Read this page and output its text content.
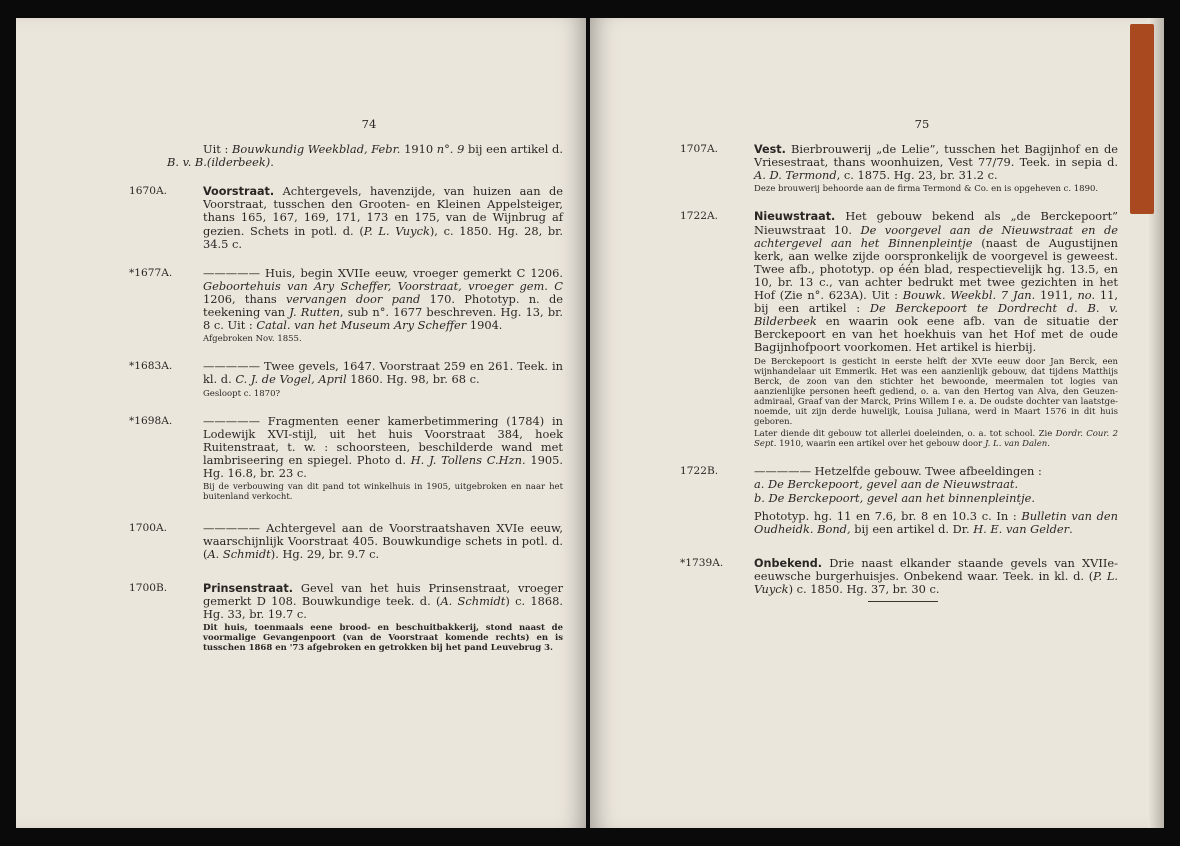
74

Uit : Bouwkundig Weekblad, Febr. 1910 n°. 9 bij een artikel d. B. v. B.(ilderbeek).

1670A.	Voorstraat. Achtergevels, havenzijde, van huizen aan de Voorstraat, tusschen den Grooten- en Kleinen Appelsteiger, thans 165, 167, 169, 171, 173 en 175, van de Wijnbrug af gezien. Schets in potl. d. (P. L. Vuyck), c. 1850. Hg. 28, br. 34.5 c.
*1677A.	————— Huis, begin XVIIe eeuw, vroeger gemerkt C 1206. Geboortehuis van Ary Scheffer, Voorstraat, vroeger gem. C 1206, thans vervangen door pand 170. Phototyp. n. de teekening van J. Rutten, sub n°. 1677 beschreven. Hg. 13, br. 8 c. Uit : Catal. van het Museum Ary Scheffer 1904.
Afgebroken Nov. 1855.
*1683A.	————— Twee gevels, 1647. Voorstraat 259 en 261. Teek. in kl. d. C. J. de Vogel, April 1860. Hg. 98, br. 68 c.
Gesloopt c. 1870?
*1698A.	————— Fragmenten eener kamerbetimmering (1784) in Lodewijk XVI-stijl, uit het huis Voorstraat 384, hoek Ruitenstraat, t. w. : schoorsteen, beschilderde wand met lambriseering en spiegel. Photo d. H. J. Tollens C.Hzn. 1905. Hg. 16.8, br. 23 c.
Bij de verbouwing van dit pand tot winkelhuis in 1905, uitgebroken en naar het buitenland verkocht.
1700A.	————— Achtergevel aan de Voorstraatshaven XVIe eeuw, waarschijnlijk Voorstraat 405. Bouwkundige schets in potl. d. (A. Schmidt). Hg. 29, br. 9.7 c.
1700B.	Prinsenstraat. Gevel van het huis Prinsenstraat, vroeger gemerkt D 108. Bouwkundige teek. d. (A. Schmidt) c. 1868. Hg. 33, br. 19.7 c.
Dit huis, toenmaals eene brood- en beschuitbakkerij, stond naast de voormalige Gevangenpoort (van de Voorstraat komende rechts) en is tusschen 1868 en '73 afgebroken en getrokken bij het pand Leuvebrug 3.
75
1707A.	Vest. Bierbrouwerij „de Lelie”, tusschen het Bagijnhof en de Vriesestraat, thans woonhuizen, Vest 77/79. Teek. in sepia d. A. D. Termond, c. 1875. Hg. 23, br. 31.2 c.
Deze brouwerij behoorde aan de firma Termond & Co. en is opgeheven c. 1890.
1722A.	Nieuwstraat. Het gebouw bekend als „de Berckepoort” Nieuwstraat 10. De voorgevel aan de Nieuwstraat en de achtergevel aan het Binnenpleintje (naast de Augustijnen kerk, aan welke zijde oorspronkelijk de voorgevel is geweest. Twee afb., phototyp. op één blad, respectievelijk hg. 13.5, en 10, br. 13 c., van achter bedrukt met twee gezichten in het Hof (Zie n°. 623A). Uit : Bouwk. Weekbl. 7 Jan. 1911, no. 11, bij een artikel : De Berckepoort te Dordrecht d. B. v. Bilderbeek en waarin ook eene afb. van de situatie der Berckepoort en van het hoekhuis van het Hof met de oude Bagijnhofpoort voorkomen. Het artikel is hierbij.
De Berckepoort is gesticht in eerste helft der XVIe eeuw door Jan Berck, een wijnhandelaar uit Emmerik. Het was een aanzienlijk gebouw, dat tijdens Matthijs Berck, de zoon van den stichter het bewoonde, meermalen tot logies van aanzienlijke personen heeft gediend, o. a. van den Hertog van Alva, den Geuzen-admiraal, Graaf van der Marck, Prins Willem I e. a. De oudste dochter van laatstgenoemde, uit zijn derde huwelijk, Louisa Juliana, werd in Maart 1576 in dit huis geboren.
Later diende dit gebouw tot allerlei doeleinden, o. a. tot school. Zie Dordr. Cour. 2 Sept. 1910, waarin een artikel over het gebouw door J. L. van Dalen.
1722B.	————— Hetzelfde gebouw. Twee afbeeldingen :
a. De Berckepoort, gevel aan de Nieuwstraat.
b. De Berckepoort, gevel aan het binnenpleintje.
Phototyp. hg. 11 en 7.6, br. 8 en 10.3 c. In : Bulletin van den Oudheidk. Bond, bij een artikel d. Dr. H. E. van Gelder.
*1739A.	Onbekend. Drie naast elkander staande gevels van XVIIe-eeuwsche burgerhuisjes. Onbekend waar. Teek. in kl. d. (P. L. Vuyck) c. 1850. Hg. 37, br. 30 c.
